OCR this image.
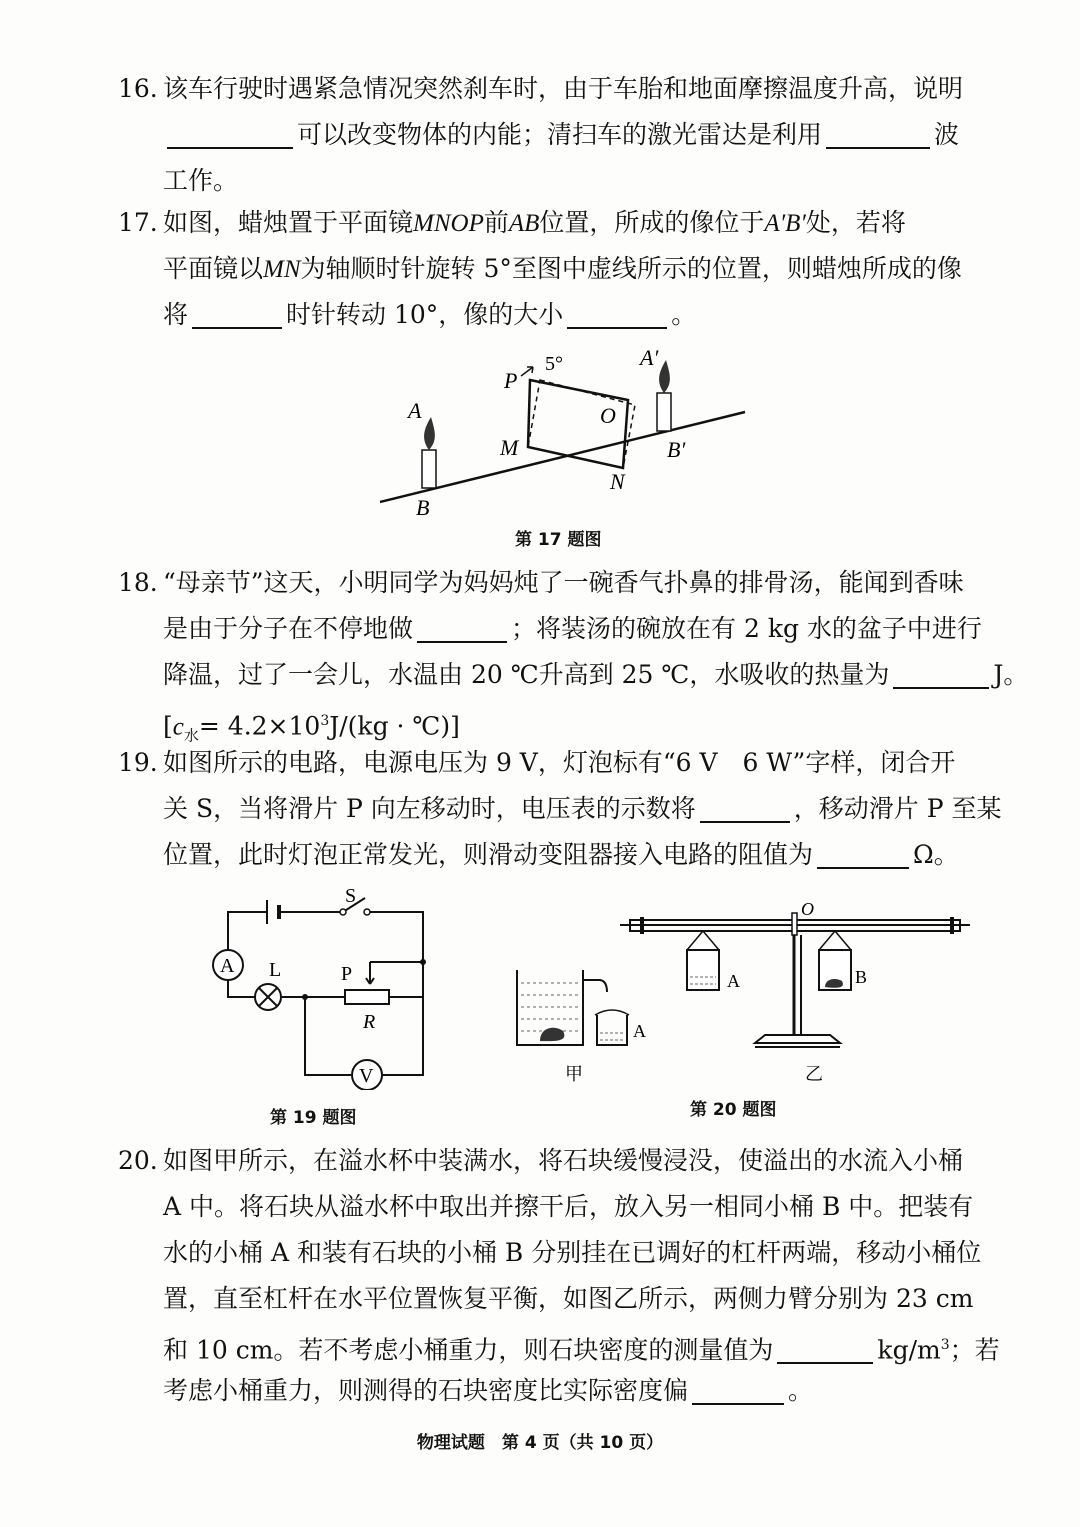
16. 该车行驶时遇紧急情况突然刹车时，由于车胎和地面摩擦温度升高，说明
可以改变物体的内能；清扫车的激光雷达是利用	波
工作。
17. 如图，蜡烛置于平面镜MNOP前AB位置，所成的像位于A′B′处，若将
平面镜以MN为轴顺时针旋转 5°至图中虚线所示的位置，则蜡烛所成的像
将	时针转动 10°，像的大小	。
P
O
M
N
A
B
A′
B′
5°
第 17 题图
18. “母亲节”这天，小明同学为妈妈炖了一碗香气扑鼻的排骨汤，能闻到香味
是由于分子在不停地做	；将装汤的碗放在有 2 kg 水的盆子中进行
降温，过了一会儿，水温由 20 ℃升高到 25 ℃，水吸收的热量为	J。
[$c_水= 4.2\times 10^3J/(kg$ · ℃)]
19. 如图所示的电路，电源电压为 9 V，灯泡标有“6 V　6 W”字样，闭合开
关 S，当将滑片 P 向左移动时，电压表的示数将	，移动滑片 P 至某
位置，此时灯泡正常发光，则滑动变阻器接入电路的阻值为	Ω。
A L
S
P
R
V
第 19 题图
A
甲
O
A	B
乙
第 20 题图
20. 如图甲所示，在溢水杯中装满水，将石块缓慢浸没，使溢出的水流入小桶
A 中。将石块从溢水杯中取出并擦干后，放入另一相同小桶 B 中。把装有
水的小桶 A 和装有石块的小桶 B 分别挂在已调好的杠杆两端，移动小桶位
置，直至杠杆在水平位置恢复平衡，如图乙所示，两侧力臂分别为 23 cm
和 10 cm。若不考虑小桶重力，则石块密度的测量值为	$kg/m^3$；若
考虑小桶重力，则测得的石块密度比实际密度偏	。
物理试题　第 4 页（共 10 页）
